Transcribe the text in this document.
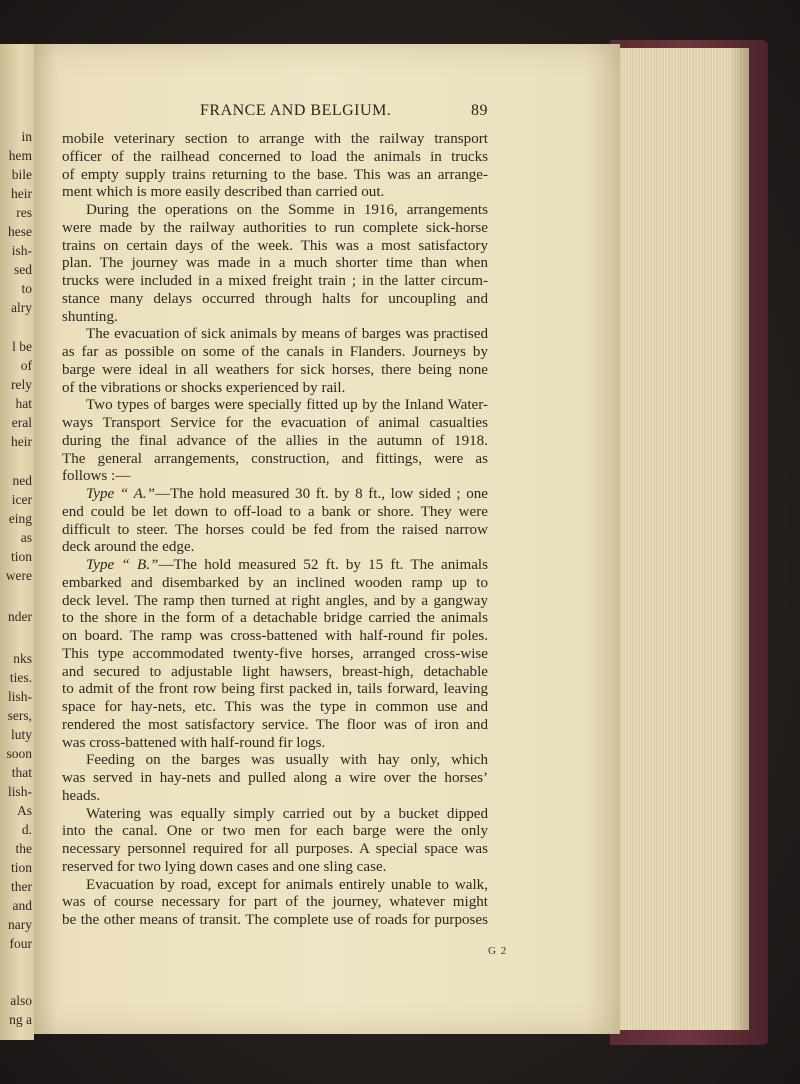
in
hem
bile
heir
res
hese
ish-
sed
to
alry
l be
of
rely
hat
eral
heir
ned
icer
eing
as
tion
were
nder
nks
ties.
lish-
sers,
luty
soon
that
lish-
As
d.
the
tion
ther
and
nary
four
also
ng a
FRANCE AND BELGIUM.	89
mobile veterinary section to arrange with the railway transport
officer of the railhead concerned to load the animals in trucks
of empty supply trains returning to the base. This was an arrange-
ment which is more easily described than carried out.
During the operations on the Somme in 1916, arrangements
were made by the railway authorities to run complete sick-horse
trains on certain days of the week. This was a most satisfactory
plan. The journey was made in a much shorter time than when
trucks were included in a mixed freight train ; in the latter circum-
stance many delays occurred through halts for uncoupling and
shunting.
The evacuation of sick animals by means of barges was practised
as far as possible on some of the canals in Flanders. Journeys by
barge were ideal in all weathers for sick horses, there being none
of the vibrations or shocks experienced by rail.
Two types of barges were specially fitted up by the Inland Water-
ways Transport Service for the evacuation of animal casualties
during the final advance of the allies in the autumn of 1918.
The general arrangements, construction, and fittings, were as
follows :—
Type “ A.”—The hold measured 30 ft. by 8 ft., low sided ; one
end could be let down to off-load to a bank or shore. They were
difficult to steer. The horses could be fed from the raised narrow
deck around the edge.
Type “ B.”—The hold measured 52 ft. by 15 ft. The animals
embarked and disembarked by an inclined wooden ramp up to
deck level. The ramp then turned at right angles, and by a gangway
to the shore in the form of a detachable bridge carried the animals
on board. The ramp was cross-battened with half-round fir poles.
This type accommodated twenty-five horses, arranged cross-wise
and secured to adjustable light hawsers, breast-high, detachable
to admit of the front row being first packed in, tails forward, leaving
space for hay-nets, etc. This was the type in common use and
rendered the most satisfactory service. The floor was of iron and
was cross-battened with half-round fir logs.
Feeding on the barges was usually with hay only, which
was served in hay-nets and pulled along a wire over the horses’
heads.
Watering was equally simply carried out by a bucket dipped
into the canal. One or two men for each barge were the only
necessary personnel required for all purposes. A special space was
reserved for two lying down cases and one sling case.
Evacuation by road, except for animals entirely unable to walk,
was of course necessary for part of the journey, whatever might
be the other means of transit. The complete use of roads for purposes
G 2
